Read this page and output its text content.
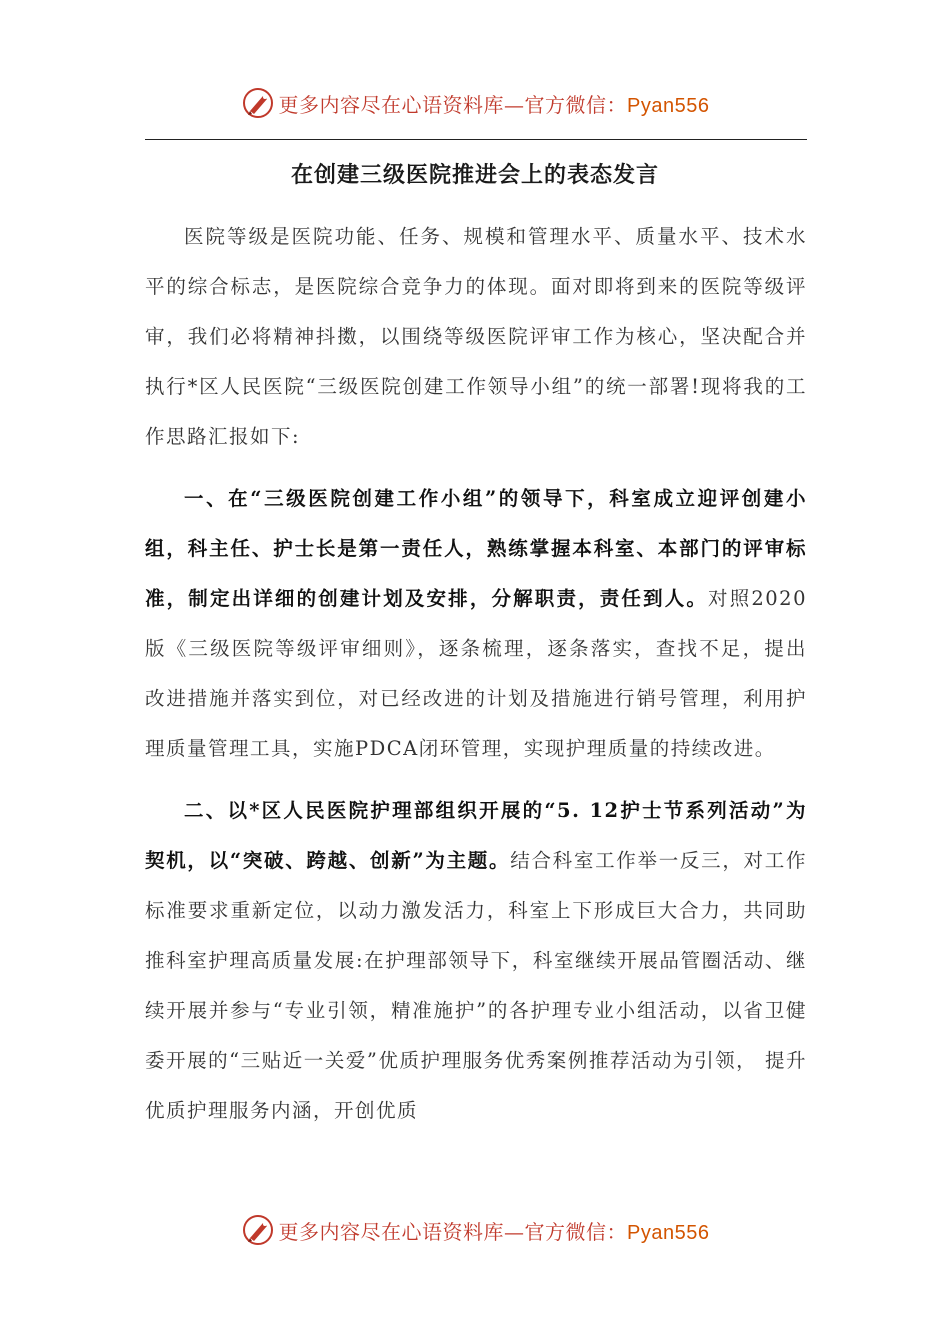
更多内容尽在心语资料库—官方微信：Pyan556
在创建三级医院推进会上的表态发言

医院等级是医院功能、任务、规模和管理水平、质量水平、技术水平的综合标志，是医院综合竞争力的体现。面对即将到来的医院等级评审，我们必将精神抖擞，以围绕等级医院评审工作为核心，坚决配合并执行*区人民医院“三级医院创建工作领导小组”的统一部署!现将我的工作思路汇报如下:

一、在“三级医院创建工作小组”的领导下，科室成立迎评创建小组，科主任、护士长是第一责任人，熟练掌握本科室、本部门的评审标准，制定出详细的创建计划及安排，分解职责，责任到人。对照2020版《三级医院等级评审细则》，逐条梳理，逐条落实，查找不足，提出改进措施并落实到位，对已经改进的计划及措施进行销号管理，利用护理质量管理工具，实施PDCA闭环管理，实现护理质量的持续改进。

二、以*区人民医院护理部组织开展的“5. 12护士节系列活动”为契机，以“突破、跨越、创新”为主题。结合科室工作举一反三，对工作标准要求重新定位，以动力激发活力，科室上下形成巨大合力，共同助推科室护理高质量发展:在护理部领导下，科室继续开展品管圈活动、继续开展并参与“专业引领，精准施护”的各护理专业小组活动，以省卫健委开展的“三贴近一关爱”优质护理服务优秀案例推荐活动为引领， 提升优质护理服务内涵，开创优质

更多内容尽在心语资料库—官方微信：Pyan556
